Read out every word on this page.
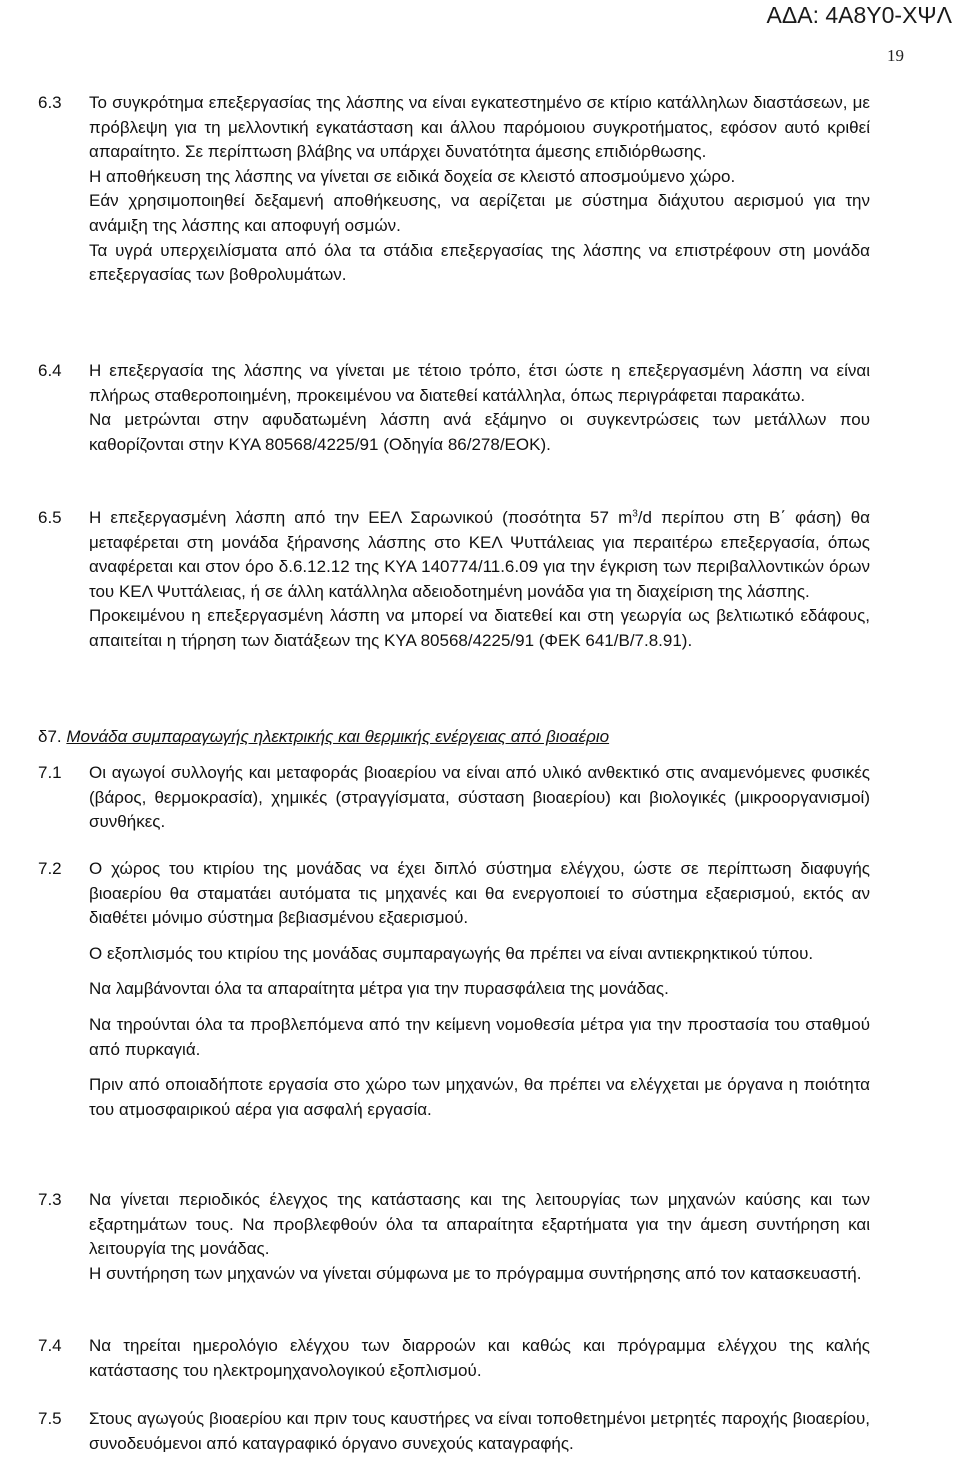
ΑΔΑ: 4Α8Υ0-ΧΨΛ
19
6.3 Το συγκρότημα επεξεργασίας της λάσπης να είναι εγκατεστημένο σε κτίριο κατάλληλων διαστάσεων, με πρόβλεψη για τη μελλοντική εγκατάσταση και άλλου παρόμοιου συγκροτήματος, εφόσον αυτό κριθεί απαραίτητο. Σε περίπτωση βλάβης να υπάρχει δυνατότητα άμεσης επιδιόρθωσης.

Η αποθήκευση της λάσπης να γίνεται σε ειδικά δοχεία σε κλειστό αποσμούμενο χώρο.

Εάν χρησιμοποιηθεί δεξαμενή αποθήκευσης, να αερίζεται με σύστημα διάχυτου αερισμού για την ανάμιξη της λάσπης και αποφυγή οσμών.

Τα υγρά υπερχειλίσματα από όλα τα στάδια επεξεργασίας της λάσπης να επιστρέφουν στη μονάδα επεξεργασίας των βοθρολυμάτων.

6.4 Η επεξεργασία της λάσπης να γίνεται με τέτοιο τρόπο, έτσι ώστε η επεξεργασμένη λάσπη να είναι πλήρως σταθεροποιημένη, προκειμένου να διατεθεί κατάλληλα, όπως περιγράφεται παρακάτω.

Να μετρώνται στην αφυδατωμένη λάσπη ανά εξάμηνο οι συγκεντρώσεις των μετάλλων που καθορίζονται στην ΚΥΑ 80568/4225/91 (Οδηγία 86/278/ΕΟΚ).

6.5 Η επεξεργασμένη λάσπη από την ΕΕΛ Σαρωνικού (ποσότητα 57 $m^3/d$ περίπου στη Β΄ φάση) θα μεταφέρεται στη μονάδα ξήρανσης λάσπης στο ΚΕΛ Ψυττάλειας για περαιτέρω επεξεργασία, όπως αναφέρεται και στον όρο δ.6.12.12 της ΚΥΑ 140774/11.6.09 για την έγκριση των περιβαλλοντικών όρων του ΚΕΛ Ψυττάλειας, ή σε άλλη κατάλληλα αδειοδοτημένη μονάδα για τη διαχείριση της λάσπης.

Προκειμένου η επεξεργασμένη λάσπη να μπορεί να διατεθεί και στη γεωργία ως βελτιωτικό εδάφους, απαιτείται η τήρηση των διατάξεων της ΚΥΑ 80568/4225/91 (ΦΕΚ 641/Β/7.8.91).

δ7. Μονάδα συμπαραγωγής ηλεκτρικής και θερμικής ενέργειας από βιοαέριο
7.1 Οι αγωγοί συλλογής και μεταφοράς βιοαερίου να είναι από υλικό ανθεκτικό στις αναμενόμενες φυσικές (βάρος, θερμοκρασία), χημικές (στραγγίσματα, σύσταση βιοαερίου) και βιολογικές (μικροοργανισμοί) συνθήκες.

7.2 Ο χώρος του κτιρίου της μονάδας να έχει διπλό σύστημα ελέγχου, ώστε σε περίπτωση διαφυγής βιοαερίου θα σταματάει αυτόματα τις μηχανές και θα ενεργοποιεί το σύστημα εξαερισμού, εκτός αν διαθέτει μόνιμο σύστημα βεβιασμένου εξαερισμού.

Ο εξοπλισμός του κτιρίου της μονάδας συμπαραγωγής θα πρέπει να είναι αντιεκρηκτικού τύπου.

Να λαμβάνονται όλα τα απαραίτητα μέτρα για την πυρασφάλεια της μονάδας.

Να τηρούνται όλα τα προβλεπόμενα από την κείμενη νομοθεσία μέτρα για την προστασία του σταθμού από πυρκαγιά.

Πριν από οποιαδήποτε εργασία στο χώρο των μηχανών, θα πρέπει να ελέγχεται με όργανα η ποιότητα του ατμοσφαιρικού αέρα για ασφαλή εργασία.

7.3 Να γίνεται περιοδικός έλεγχος της κατάστασης και της λειτουργίας των μηχανών καύσης και των εξαρτημάτων τους. Να προβλεφθούν όλα τα απαραίτητα εξαρτήματα για την άμεση συντήρηση και λειτουργία της μονάδας.

Η συντήρηση των μηχανών να γίνεται σύμφωνα με το πρόγραμμα συντήρησης από τον κατασκευαστή.

7.4 Να τηρείται ημερολόγιο ελέγχου των διαρροών και καθώς και πρόγραμμα ελέγχου της καλής κατάστασης του ηλεκτρομηχανολογικού εξοπλισμού.

7.5 Στους αγωγούς βιοαερίου και πριν τους καυστήρες να είναι τοποθετημένοι μετρητές παροχής βιοαερίου, συνοδευόμενοι από καταγραφικό όργανο συνεχούς καταγραφής.
